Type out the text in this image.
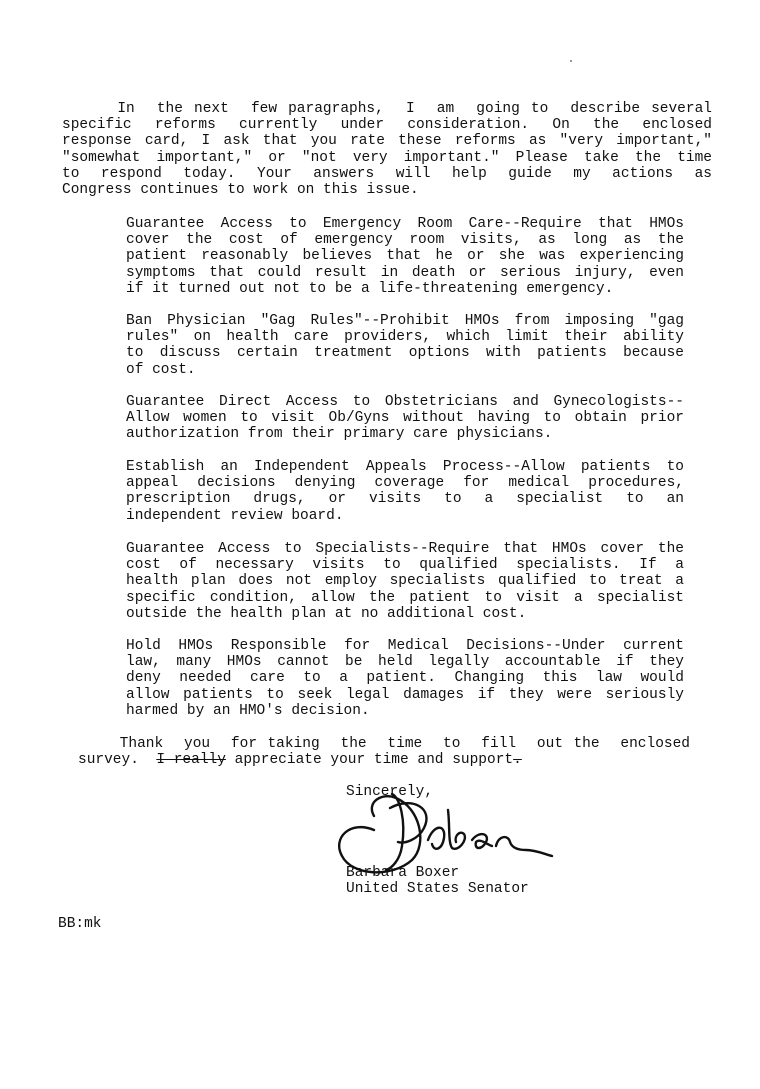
In  the next  few paragraphs,  I  am  going to  describe several
specific reforms currently under consideration. On the enclosed
response card, I ask that you rate these reforms as "very important,"
"somewhat important," or "not very important." Please take the time
to respond today. Your answers will help guide my actions as
Congress continues to work on this issue.
Guarantee Access to Emergency Room Care--Require that HMOs
cover the cost of emergency room visits, as long as the
patient reasonably believes that he or she was experiencing
symptoms that could result in death or serious injury, even
if it turned out not to be a life-threatening emergency.
Ban Physician "Gag Rules"--Prohibit HMOs from imposing "gag
rules" on health care providers, which limit their ability
to discuss certain treatment options with patients because
of cost.
Guarantee Direct Access to Obstetricians and Gynecologists--
Allow women to visit Ob/Gyns without having to obtain prior
authorization from their primary care physicians.
Establish an Independent Appeals Process--Allow patients to
appeal decisions denying coverage for medical procedures,
prescription drugs, or visits to a specialist to an
independent review board.
Guarantee Access to Specialists--Require that HMOs cover the
cost of necessary visits to qualified specialists. If a
health plan does not employ specialists qualified to treat a
specific condition, allow the patient to visit a specialist
outside the health plan at no additional cost.
Hold HMOs Responsible for Medical Decisions--Under current
law, many HMOs cannot be held legally accountable if they
deny needed care to a patient. Changing this law would
allow patients to seek legal damages if they were seriously
harmed by an HMO's decision.
Thank  you  for taking  the  time  to  fill  out the  enclosed
survey.  I really appreciate your time and support.
Sincerely,
Barbara Boxer
United States Senator
BB:mk
